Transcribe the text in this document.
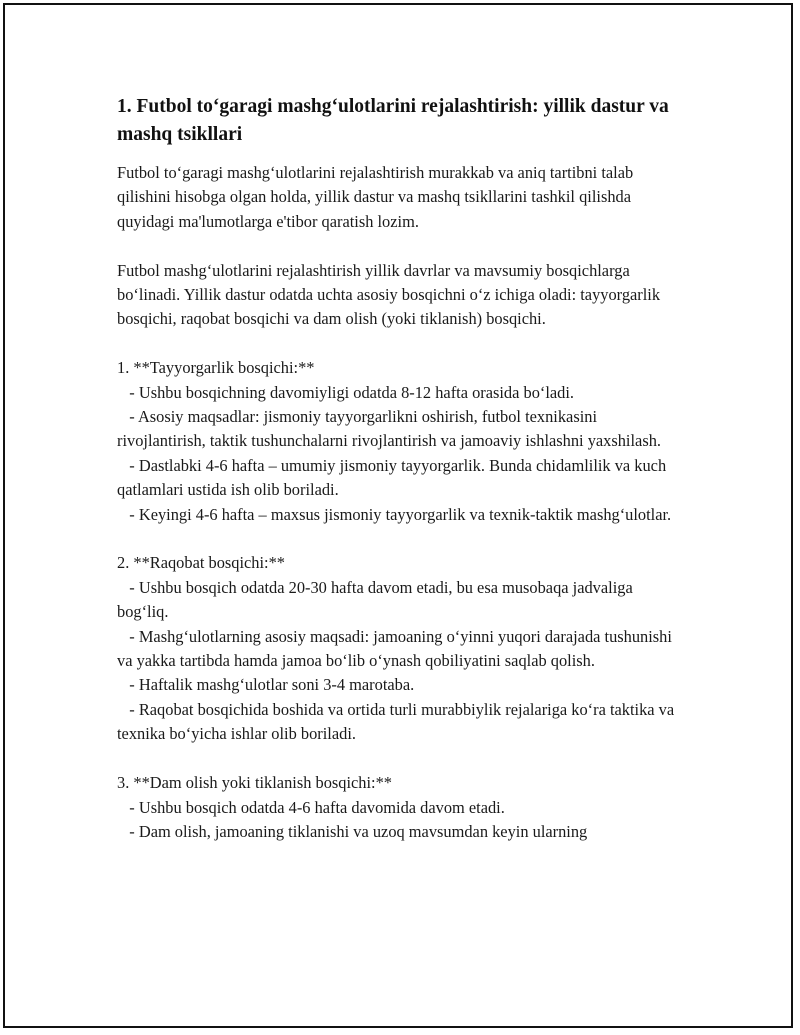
1. Futbol to‘garagi mashg‘ulotlarini rejalashtirish: yillik dastur va mashq tsikllari

Futbol to‘garagi mashg‘ulotlarini rejalashtirish murakkab va aniq tartibni talab qilishini hisobga olgan holda, yillik dastur va mashq tsikllarini tashkil qilishda quyidagi ma'lumotlarga e'tibor qaratish lozim.

Futbol mashg‘ulotlarini rejalashtirish yillik davrlar va mavsumiy bosqichlarga bo‘linadi. Yillik dastur odatda uchta asosiy bosqichni o‘z ichiga oladi: tayyorgarlik bosqichi, raqobat bosqichi va dam olish (yoki tiklanish) bosqichi.

1. **Tayyorgarlik bosqichi:**

- Ushbu bosqichning davomiyligi odatda 8-12 hafta orasida bo‘ladi.

- Asosiy maqsadlar: jismoniy tayyorgarlikni oshirish, futbol texnikasini rivojlantirish, taktik tushunchalarni rivojlantirish va jamoaviy ishlashni yaxshilash.

- Dastlabki 4-6 hafta – umumiy jismoniy tayyorgarlik. Bunda chidamlilik va kuch qatlamlari ustida ish olib boriladi.

- Keyingi 4-6 hafta – maxsus jismoniy tayyorgarlik va texnik-taktik mashg‘ulotlar.

2. **Raqobat bosqichi:**

- Ushbu bosqich odatda 20-30 hafta davom etadi, bu esa musobaqa jadvaliga bog‘liq.

- Mashg‘ulotlarning asosiy maqsadi: jamoaning o‘yinni yuqori darajada tushunishi va yakka tartibda hamda jamoa bo‘lib o‘ynash qobiliyatini saqlab qolish.

- Haftalik mashg‘ulotlar soni 3-4 marotaba.

- Raqobat bosqichida boshida va ortida turli murabbiylik rejalariga ko‘ra taktika va texnika bo‘yicha ishlar olib boriladi.

3. **Dam olish yoki tiklanish bosqichi:**

- Ushbu bosqich odatda 4-6 hafta davomida davom etadi.

- Dam olish, jamoaning tiklanishi va uzoq mavsumdan keyin ularning
